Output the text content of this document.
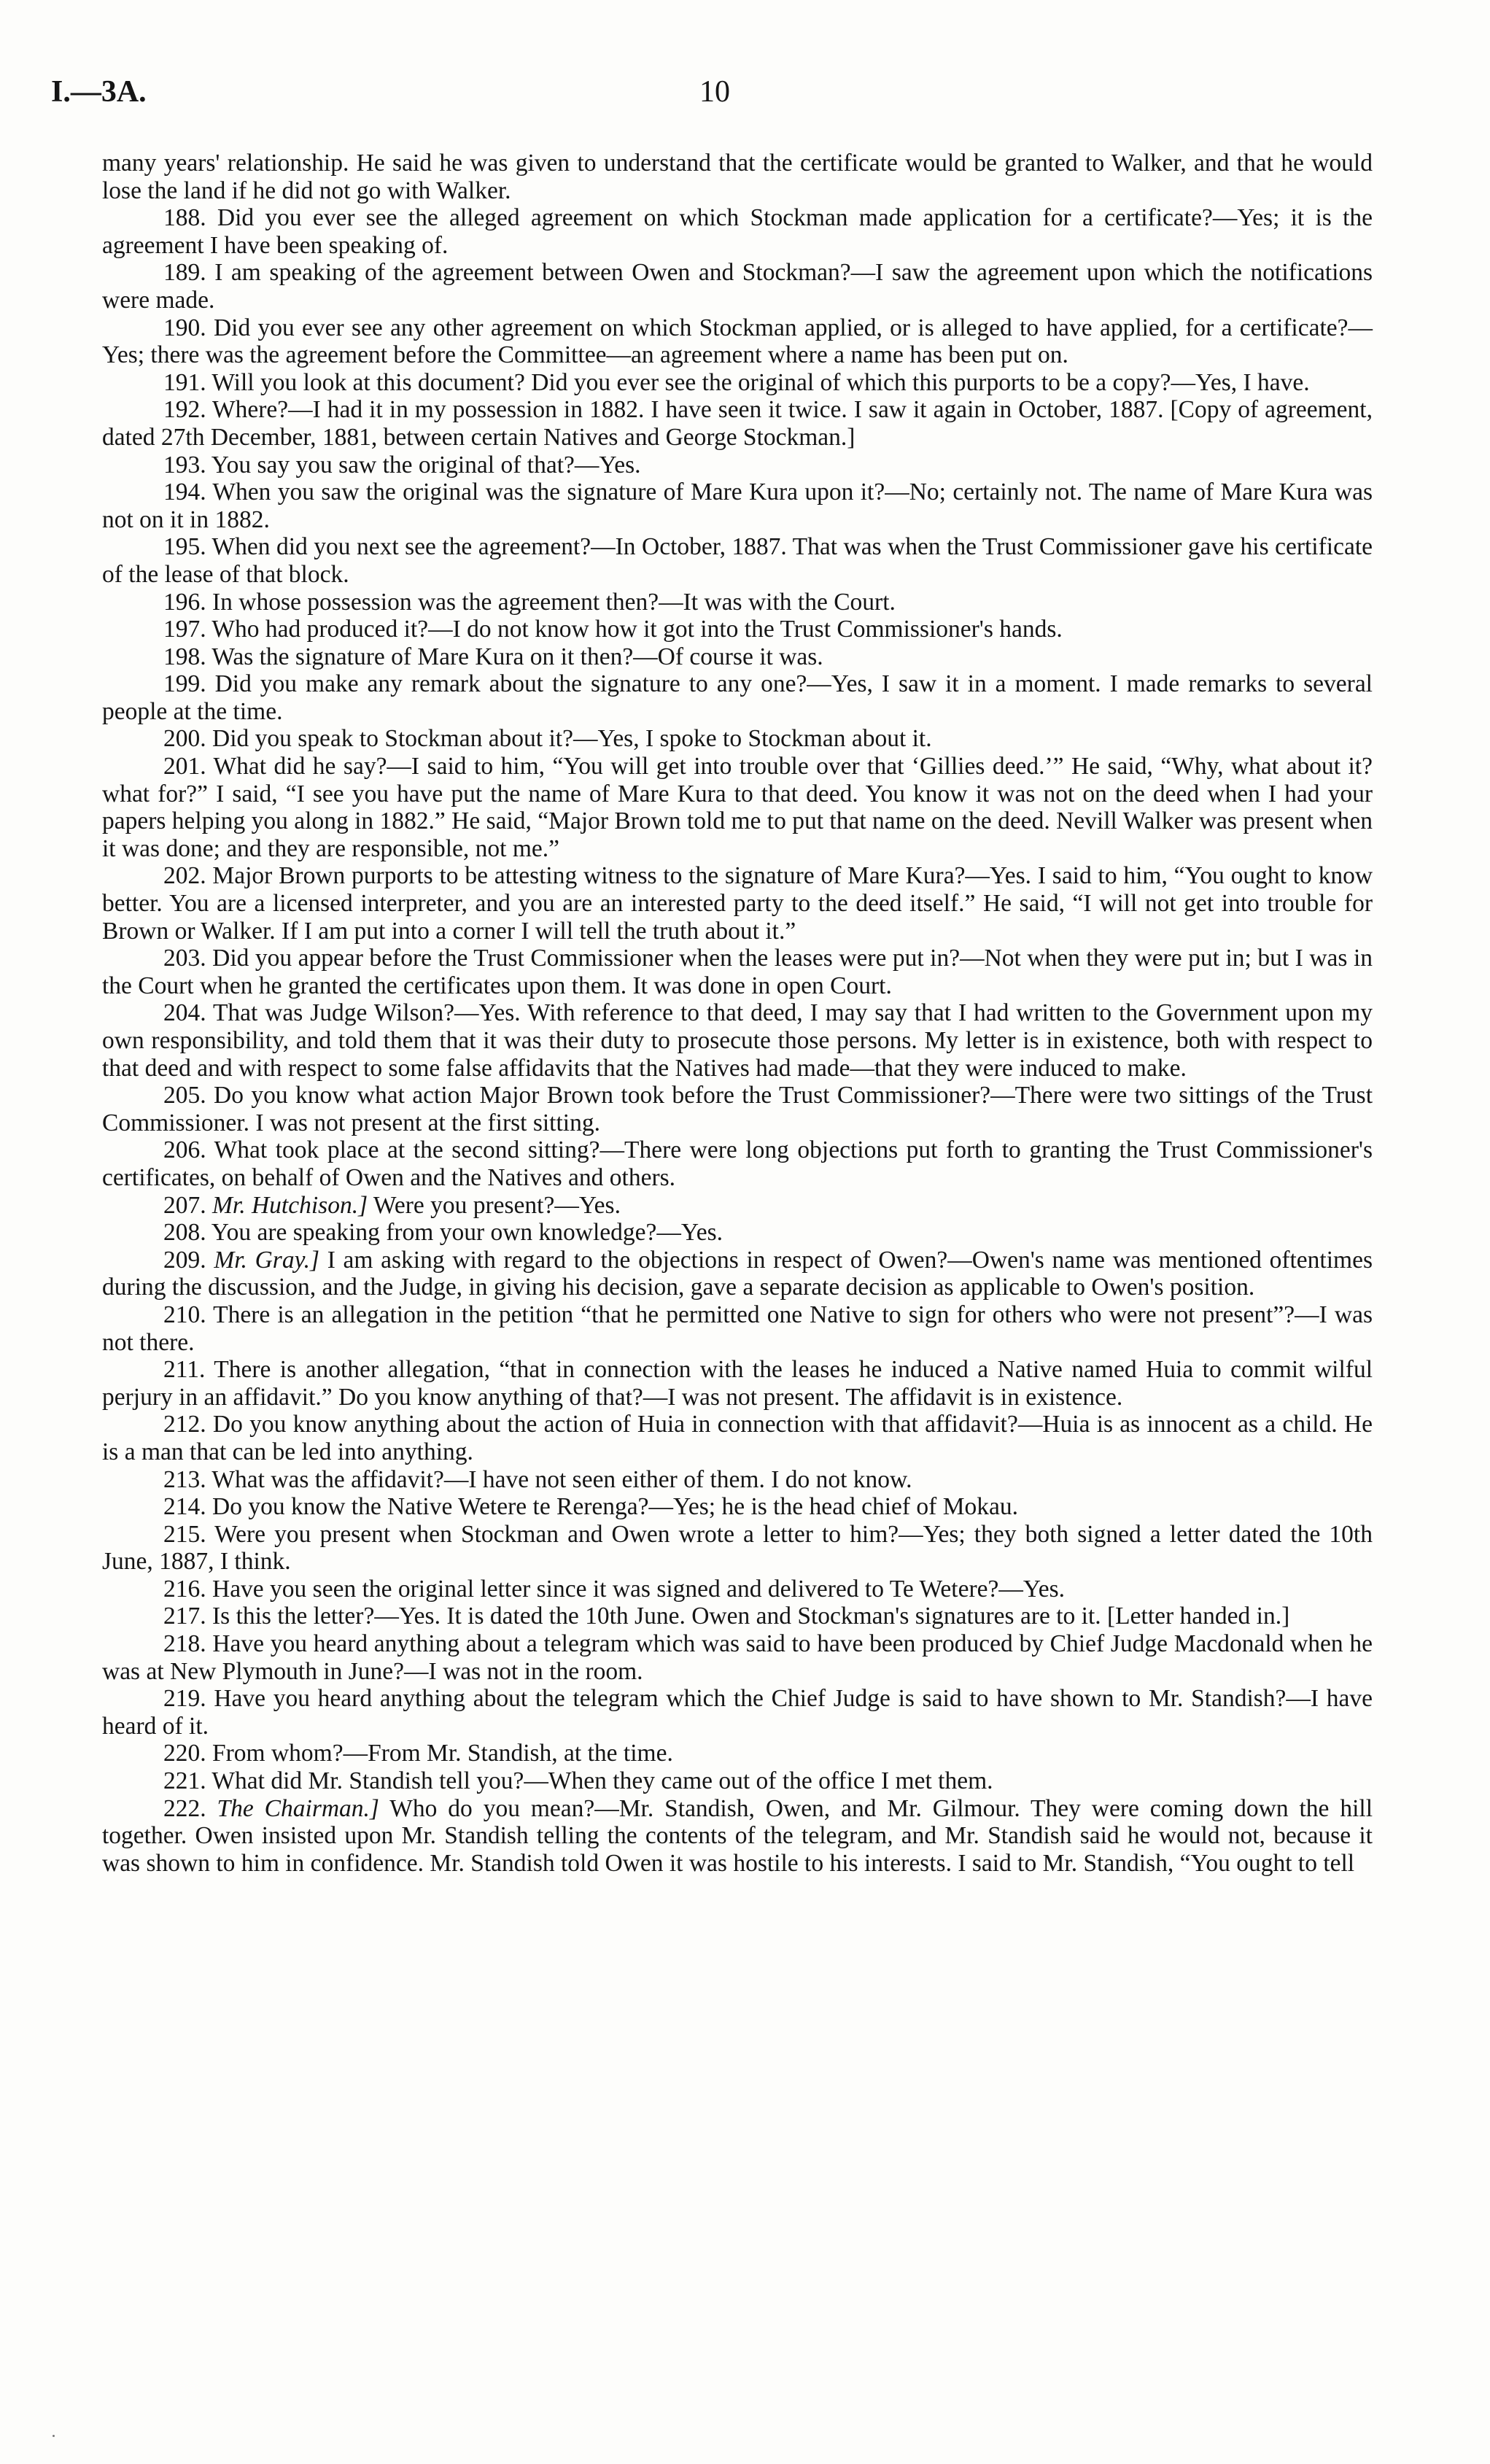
I.—3A.	10

many years' relationship. He said he was given to understand that the certificate would be granted to Walker, and that he would lose the land if he did not go with Walker.

188. Did you ever see the alleged agreement on which Stockman made application for a certificate?—Yes; it is the agreement I have been speaking of.

189. I am speaking of the agreement between Owen and Stockman?—I saw the agreement upon which the notifications were made.

190. Did you ever see any other agreement on which Stockman applied, or is alleged to have applied, for a certificate?—Yes; there was the agreement before the Committee—an agreement where a name has been put on.

191. Will you look at this document? Did you ever see the original of which this purports to be a copy?—Yes, I have.

192. Where?—I had it in my possession in 1882. I have seen it twice. I saw it again in October, 1887. [Copy of agreement, dated 27th December, 1881, between certain Natives and George Stockman.]

193. You say you saw the original of that?—Yes.

194. When you saw the original was the signature of Mare Kura upon it?—No; certainly not. The name of Mare Kura was not on it in 1882.

195. When did you next see the agreement?—In October, 1887. That was when the Trust Commissioner gave his certificate of the lease of that block.

196. In whose possession was the agreement then?—It was with the Court.

197. Who had produced it?—I do not know how it got into the Trust Commissioner's hands.

198. Was the signature of Mare Kura on it then?—Of course it was.

199. Did you make any remark about the signature to any one?—Yes, I saw it in a moment. I made remarks to several people at the time.

200. Did you speak to Stockman about it?—Yes, I spoke to Stockman about it.

201. What did he say?—I said to him, “You will get into trouble over that ‘Gillies deed.’” He said, “Why, what about it? what for?” I said, “I see you have put the name of Mare Kura to that deed. You know it was not on the deed when I had your papers helping you along in 1882.” He said, “Major Brown told me to put that name on the deed. Nevill Walker was present when it was done; and they are responsible, not me.”

202. Major Brown purports to be attesting witness to the signature of Mare Kura?—Yes. I said to him, “You ought to know better. You are a licensed interpreter, and you are an interested party to the deed itself.” He said, “I will not get into trouble for Brown or Walker. If I am put into a corner I will tell the truth about it.”

203. Did you appear before the Trust Commissioner when the leases were put in?—Not when they were put in; but I was in the Court when he granted the certificates upon them. It was done in open Court.

204. That was Judge Wilson?—Yes. With reference to that deed, I may say that I had written to the Government upon my own responsibility, and told them that it was their duty to prosecute those persons. My letter is in existence, both with respect to that deed and with respect to some false affidavits that the Natives had made—that they were induced to make.

205. Do you know what action Major Brown took before the Trust Commissioner?—There were two sittings of the Trust Commissioner. I was not present at the first sitting.

206. What took place at the second sitting?—There were long objections put forth to granting the Trust Commissioner's certificates, on behalf of Owen and the Natives and others.

207. Mr. Hutchison.] Were you present?—Yes.

208. You are speaking from your own knowledge?—Yes.

209. Mr. Gray.] I am asking with regard to the objections in respect of Owen?—Owen's name was mentioned oftentimes during the discussion, and the Judge, in giving his decision, gave a separate decision as applicable to Owen's position.

210. There is an allegation in the petition “that he permitted one Native to sign for others who were not present”?—I was not there.

211. There is another allegation, “that in connection with the leases he induced a Native named Huia to commit wilful perjury in an affidavit.” Do you know anything of that?—I was not present. The affidavit is in existence.

212. Do you know anything about the action of Huia in connection with that affidavit?—Huia is as innocent as a child. He is a man that can be led into anything.

213. What was the affidavit?—I have not seen either of them. I do not know.

214. Do you know the Native Wetere te Rerenga?—Yes; he is the head chief of Mokau.

215. Were you present when Stockman and Owen wrote a letter to him?—Yes; they both signed a letter dated the 10th June, 1887, I think.

216. Have you seen the original letter since it was signed and delivered to Te Wetere?—Yes.

217. Is this the letter?—Yes. It is dated the 10th June. Owen and Stockman's signatures are to it. [Letter handed in.]

218. Have you heard anything about a telegram which was said to have been produced by Chief Judge Macdonald when he was at New Plymouth in June?—I was not in the room.

219. Have you heard anything about the telegram which the Chief Judge is said to have shown to Mr. Standish?—I have heard of it.

220. From whom?—From Mr. Standish, at the time.

221. What did Mr. Standish tell you?—When they came out of the office I met them.

222. The Chairman.] Who do you mean?—Mr. Standish, Owen, and Mr. Gilmour. They were coming down the hill together. Owen insisted upon Mr. Standish telling the contents of the telegram, and Mr. Standish said he would not, because it was shown to him in confidence. Mr. Standish told Owen it was hostile to his interests. I said to Mr. Standish, “You ought to tell
